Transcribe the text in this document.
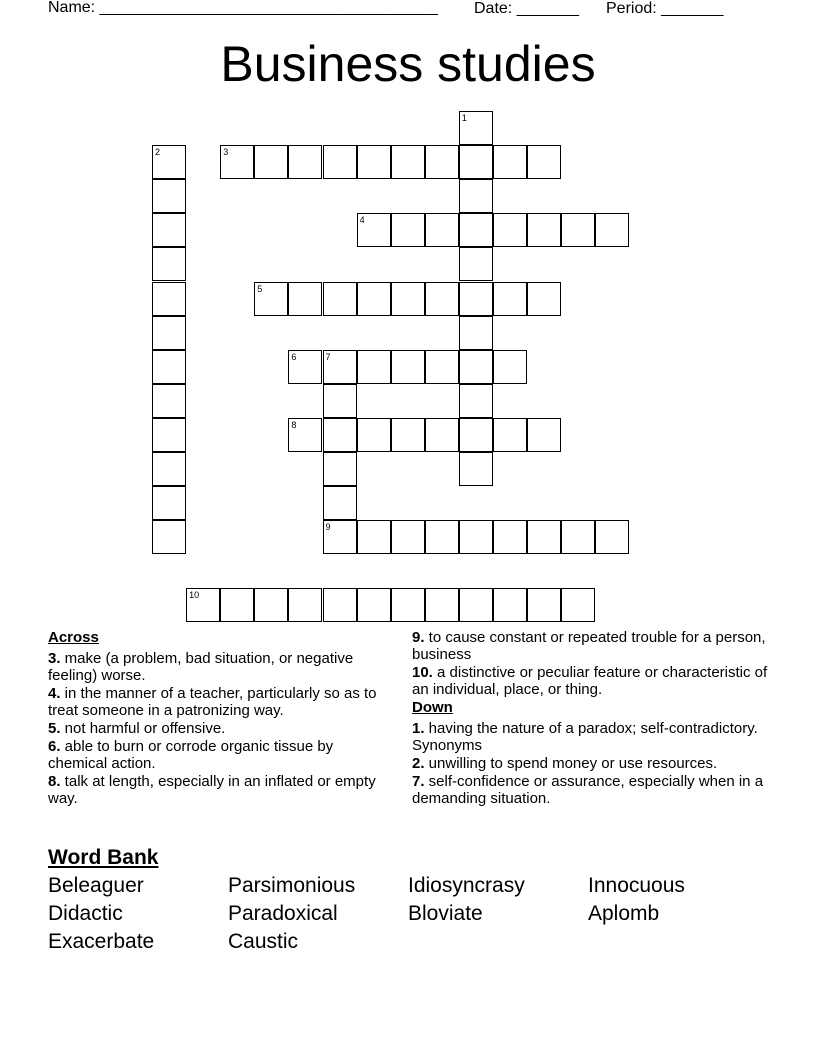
Name: ______________________________________ Date: _______ Period: _______
Business studies
1
2	3
4
5
6	7
9
8
10
Across
3. make (a problem, bad situation, or negative feeling) worse.
4. in the manner of a teacher, particularly so as to treat someone in a patronizing way.
5. not harmful or offensive.
6. able to burn or corrode organic tissue by chemical action.
8. talk at length, especially in an inflated or empty way.
9. to cause constant or repeated trouble for a person, business
10. a distinctive or peculiar feature or characteristic of an individual, place, or thing.
Down
1. having the nature of a paradox; self-contradictory. Synonyms
2. unwilling to spend money or use resources.
7. self-confidence or assurance, especially when in a demanding situation.
Word Bank
Beleaguer	Parsimonious	Idiosyncrasy	Innocuous
Didactic	Paradoxical	Bloviate	Aplomb
Exacerbate	Caustic
